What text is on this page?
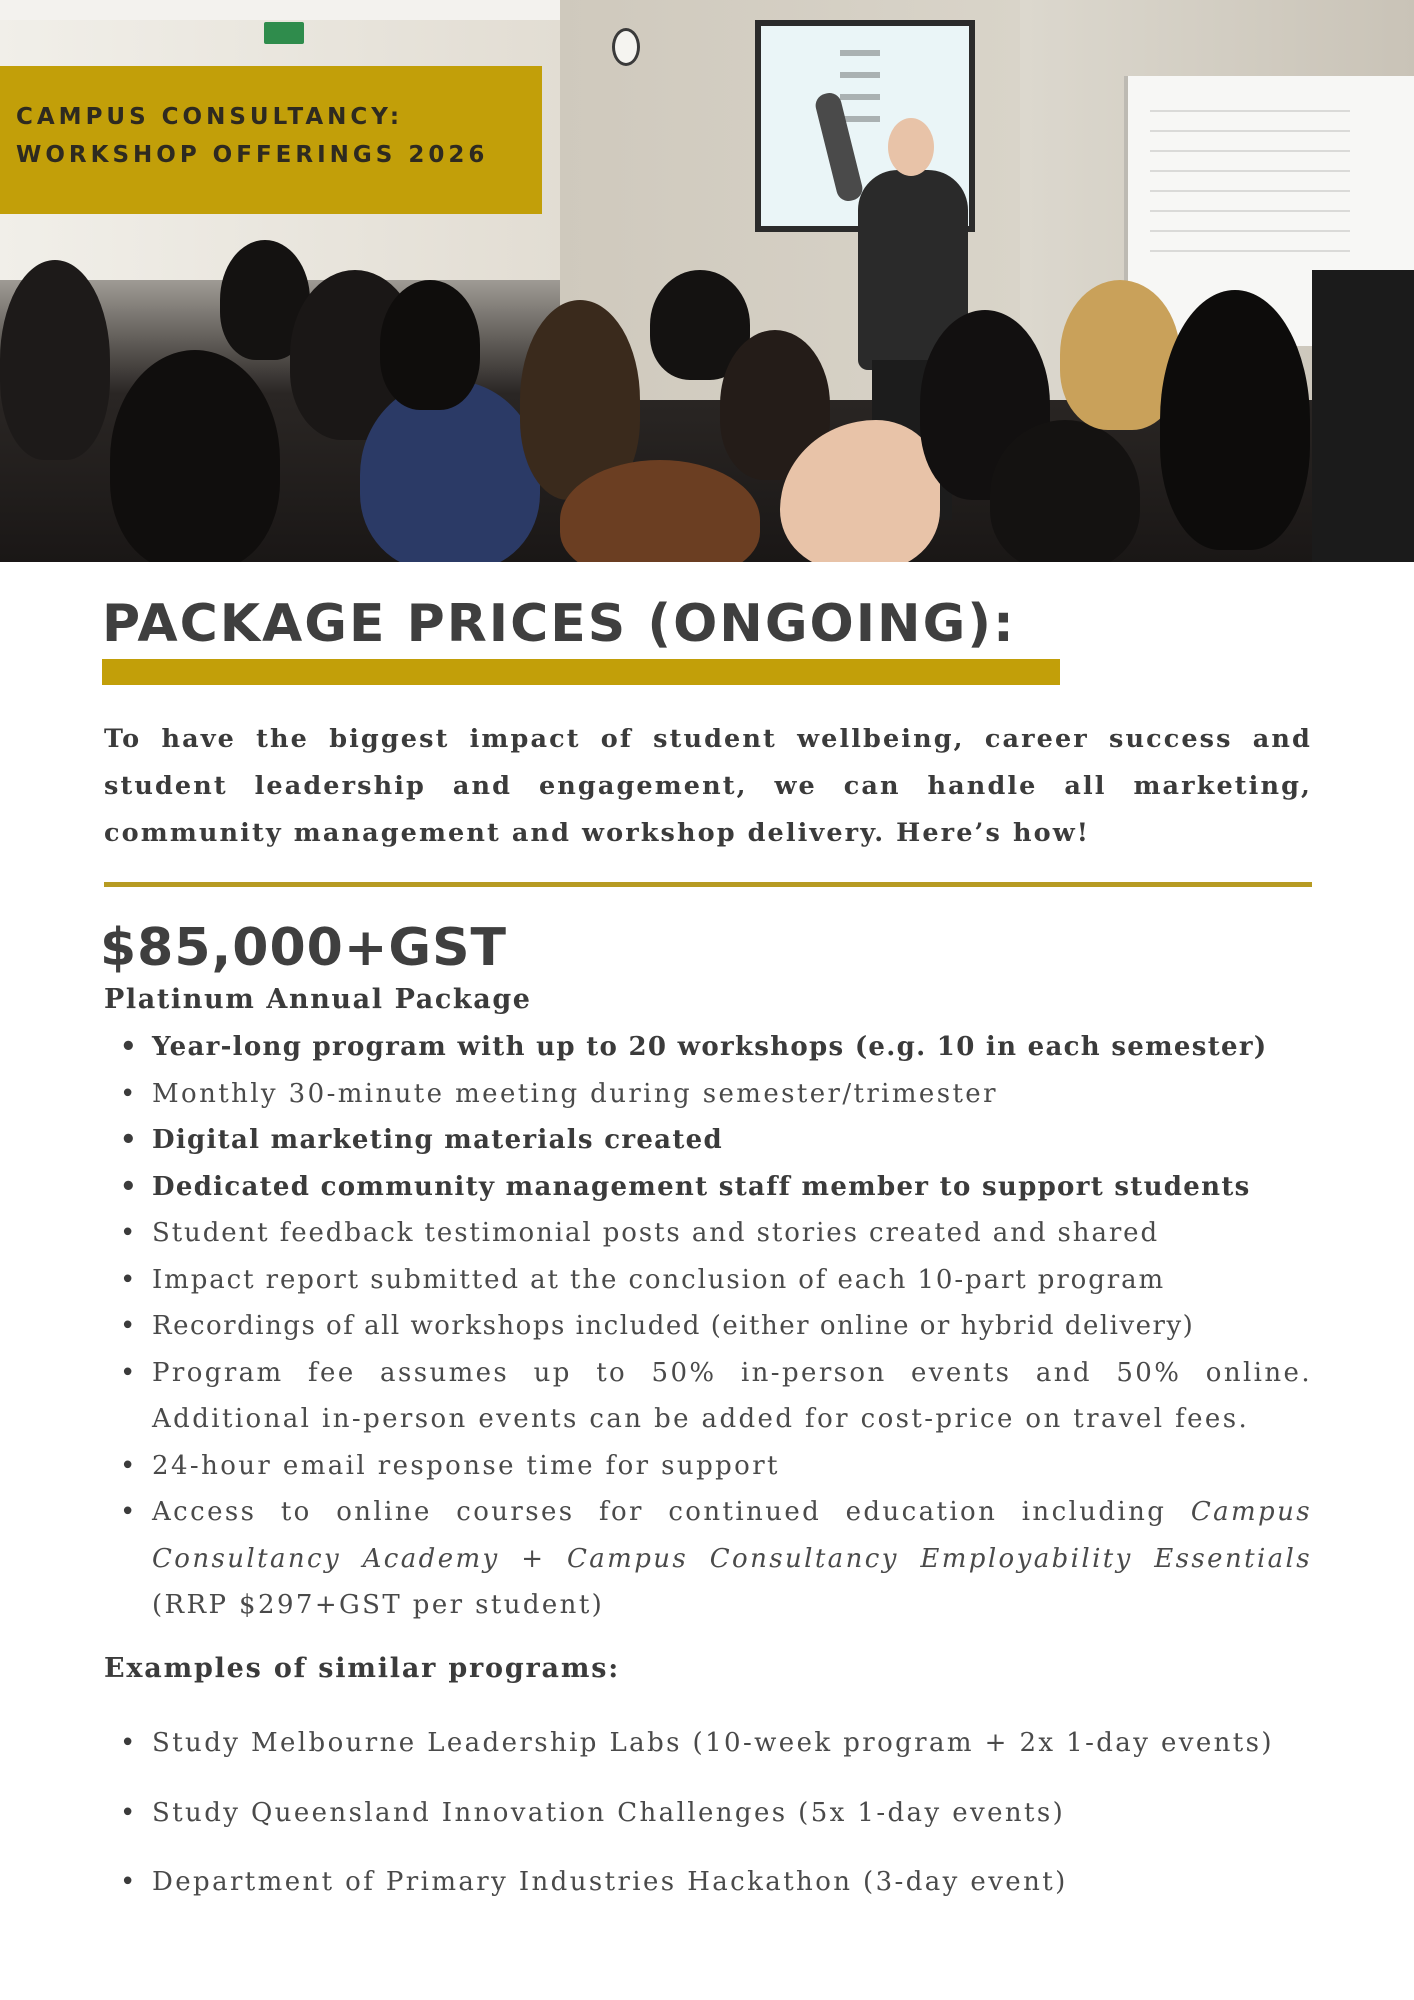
CAMPUS CONSULTANCY:
WORKSHOP OFFERINGS 2026
PACKAGE PRICES (ONGOING):

To have the biggest impact of student wellbeing, career success and student leadership and engagement, we can handle all marketing, community management and workshop delivery. Here’s how!

$85,000+GST
Platinum Annual Package
• Year-long program with up to 20 workshops (e.g. 10 in each semester)
• Monthly 30-minute meeting during semester/trimester
• Digital marketing materials created
• Dedicated community management staff member to support students
• Student feedback testimonial posts and stories created and shared
• Impact report submitted at the conclusion of each 10-part program
• Recordings of all workshops included (either online or hybrid delivery)
• Program fee assumes up to 50% in-person events and 50% online. Additional in-person events can be added for cost-price on travel fees.
• 24-hour email response time for support
• Access to online courses for continued education including Campus Consultancy Academy + Campus Consultancy Employability Essentials (RRP $297+GST per student)
Examples of similar programs:
• Study Melbourne Leadership Labs (10-week program + 2x 1-day events)
• Study Queensland Innovation Challenges (5x 1-day events)
• Department of Primary Industries Hackathon (3-day event)
